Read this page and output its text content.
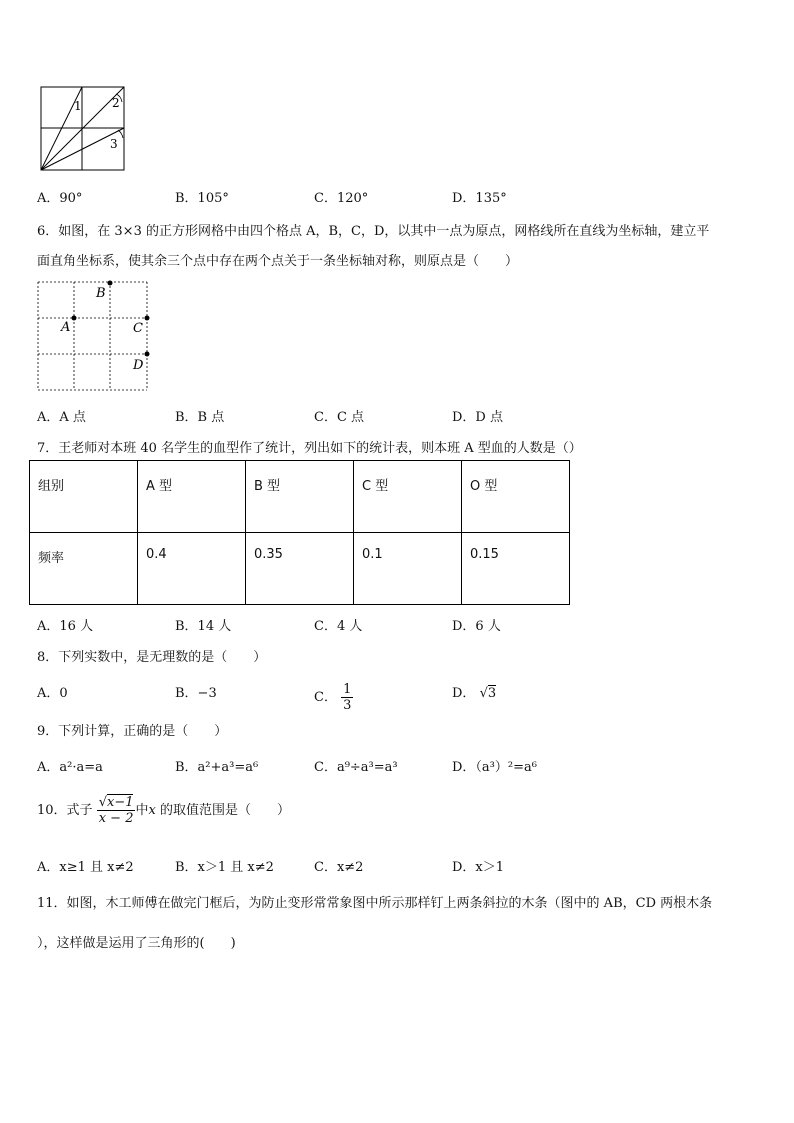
1	2
3
A．90°	B．105°	C．120°	D．135°
6．如图，在 3×3 的正方形网格中由四个格点 A，B，C，D，以其中一点为原点，网格线所在直线为坐标轴，建立平
面直角坐标系，使其余三个点中存在两个点关于一条坐标轴对称，则原点是（　　）
B
A	C
D
A．A 点	B．B 点	C．C 点	D．D 点
7．王老师对本班 40 名学生的血型作了统计，列出如下的统计表，则本班 A 型血的人数是（）
组别	A 型	B 型	C 型	O 型
频率	0.4	0.35	0.1	0.15
A．16 人	B．14 人	C．4 人	D．6 人
8．下列实数中，是无理数的是（　　）
A．0	B．−3	C． $\frac{1}{3}$	D． √3
9．下列计算，正确的是（　　）
A．a²·a=a	B．a²+a³=a⁶	C．a⁹÷a³=a³	D．（a³）²=a⁶
10．式子 $\frac{√x-1}{x - 2}$ 中x 的取值范围是（　　）
A．x≥1 且 x≠2	B．x＞1 且 x≠2	C．x≠2	D．x＞1
11．如图，木工师傅在做完门框后，为防止变形常常象图中所示那样钉上两条斜拉的木条（图中的 AB，CD 两根木条
），这样做是运用了三角形的(　　)
